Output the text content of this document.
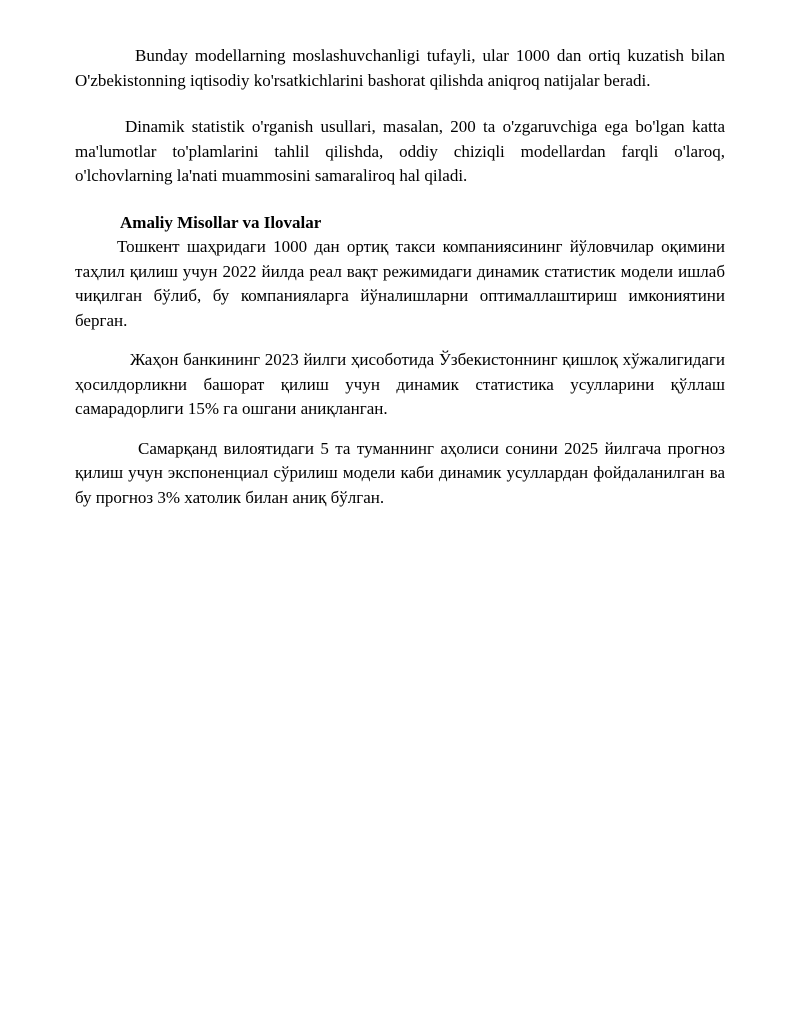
Bunday modellarning moslashuvchanligi tufayli, ular 1000 dan ortiq kuzatish bilan O'zbekistonning iqtisodiy ko'rsatkichlarini bashorat qilishda aniqroq natijalar beradi.

Dinamik statistik o'rganish usullari, masalan, 200 ta o'zgaruvchiga ega bo'lgan katta ma'lumotlar to'plamlarini tahlil qilishda, oddiy chiziqli modellardan farqli o'laroq, o'lchovlarning la'nati muammosini samaraliroq hal qiladi.

Amaliy Misollar va Ilovalar

Тошкент шаҳридаги 1000 дан ортиқ такси компаниясининг йўловчилар оқимини таҳлил қилиш учун 2022 йилда реал вақт режимидаги динамик статистик модели ишлаб чиқилган бўлиб, бу компанияларга йўналишларни оптималлаштириш имкониятини берган.

Жаҳон банкининг 2023 йилги ҳисоботида Ўзбекистоннинг қишлоқ хўжалигидаги ҳосилдорликни башорат қилиш учун динамик статистика усулларини қўллаш самарадорлиги 15% га ошгани аниқланган.

Самарқанд вилоятидаги 5 та туманнинг аҳолиси сонини 2025 йилгача прогноз қилиш учун экспоненциал сўрилиш модели каби динамик усуллардан фойдаланилган ва бу прогноз 3% хатолик билан аниқ бўлган.
